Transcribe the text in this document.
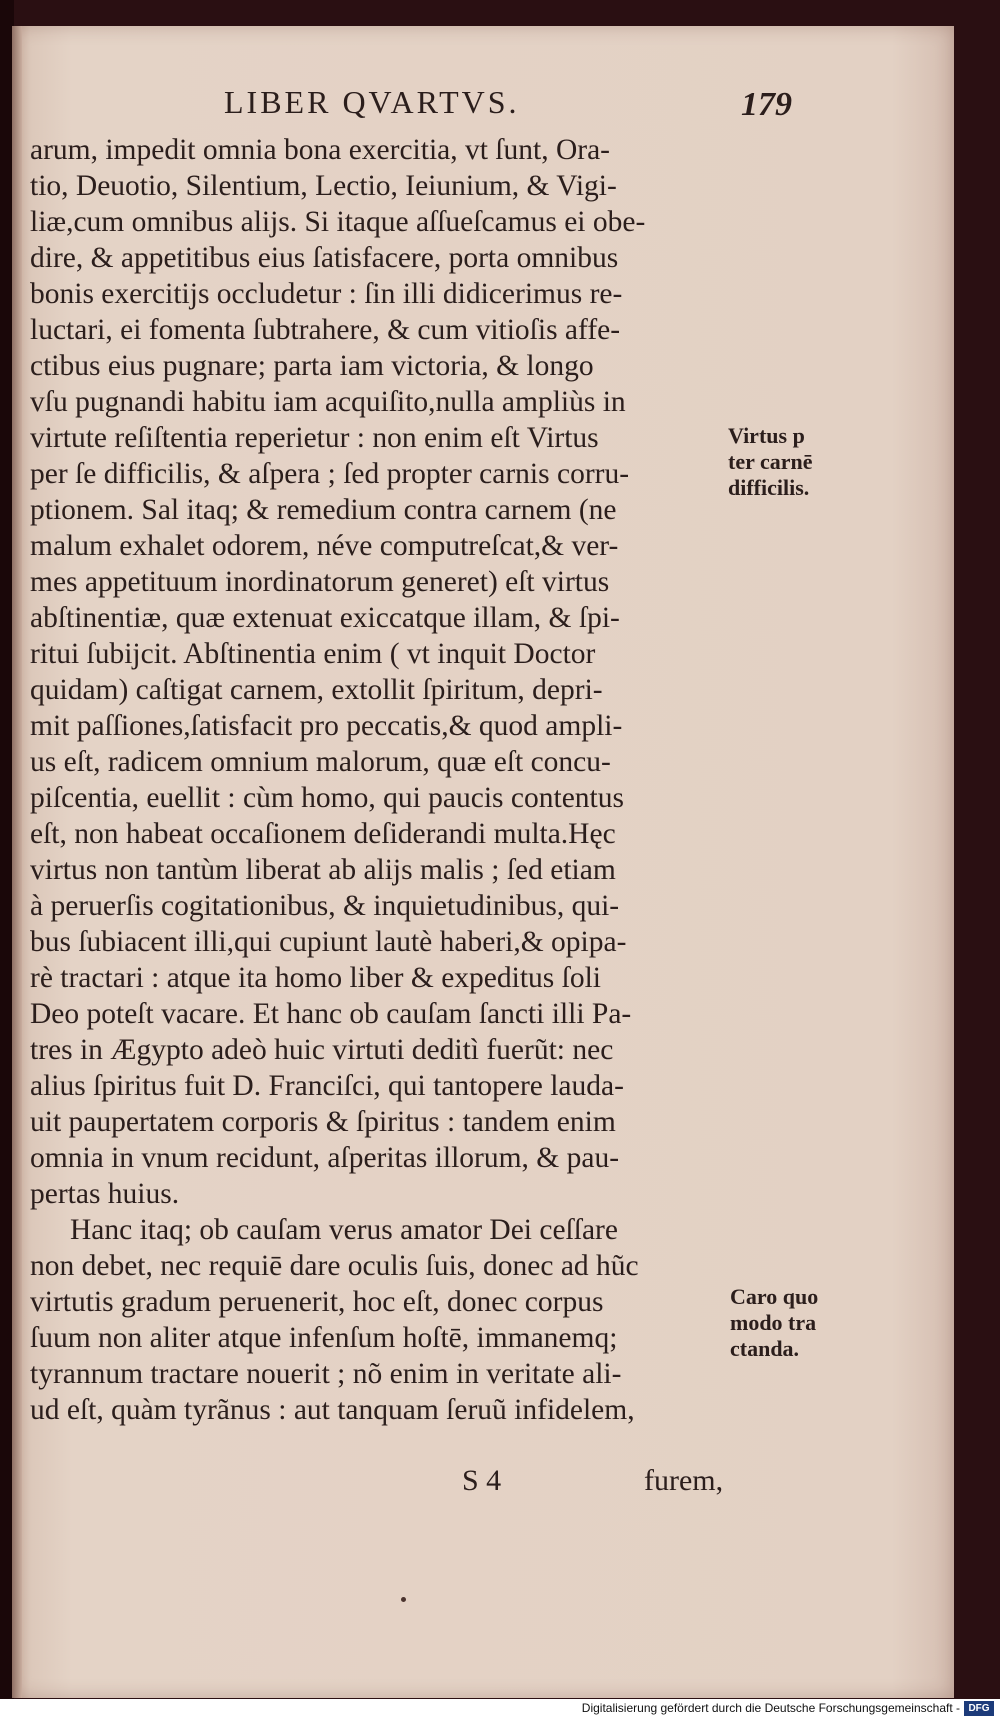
LIBER QVARTVS.	179
arum, impedit omnia bona exercitia, vt ſunt, Ora-
tio, Deuotio, Silentium, Lectio, Ieiunium, & Vigi-
liæ,cum omnibus alijs. Si itaque aſſueſcamus ei obe-
dire, & appetitibus eius ſatisfacere, porta omnibus
bonis exercitijs occludetur : ſin illi didicerimus re-
luctari, ei fomenta ſubtrahere, & cum vitioſis affe-
ctibus eius pugnare; parta iam victoria, & longo
vſu pugnandi habitu iam acquiſito,nulla ampliùs in
virtute reſiſtentia reperietur : non enim eſt Virtus
per ſe difficilis, & aſpera ; ſed propter carnis corru-
ptionem. Sal itaq; & remedium contra carnem (ne
malum exhalet odorem, néve computreſcat,& ver-
mes appetituum inordinatorum generet) eſt virtus
abſtinentiæ, quæ extenuat exiccatque illam, & ſpi-
ritui ſubijcit. Abſtinentia enim ( vt inquit Doctor
quidam) caſtigat carnem, extollit ſpiritum, depri-
mit paſſiones,ſatisfacit pro peccatis,& quod ampli-
us eſt, radicem omnium malorum, quæ eſt concu-
piſcentia, euellit : cùm homo, qui paucis contentus
eſt, non habeat occaſionem deſiderandi multa.Hęc
virtus non tantùm liberat ab alijs malis ; ſed etiam
à peruerſis cogitationibus, & inquietudinibus, qui-
bus ſubiacent illi,qui cupiunt lautè haberi,& opipa-
rè tractari : atque ita homo liber & expeditus ſoli
Deo poteſt vacare. Et hanc ob cauſam ſancti illi Pa-
tres in Ægypto adeò huic virtuti deditì fuerũt: nec
alius ſpiritus fuit D. Franciſci, qui tantopere lauda-
uit paupertatem corporis & ſpiritus : tandem enim
omnia in vnum recidunt, aſperitas illorum, & pau-
pertas huius.
Hanc itaq; ob cauſam verus amator Dei ceſſare
non debet, nec requiē dare oculis ſuis, donec ad hũc
virtutis gradum peruenerit, hoc eſt, donec corpus
ſuum non aliter atque infenſum hoſtē, immanemq;
tyrannum tractare nouerit ; nõ enim in veritate ali-
ud eſt, quàm tyrãnus : aut tanquam ſeruũ infidelem,
Virtus p
ter carnē
difficilis.
Caro quo
modo tra
ctanda.
S 4	furem,
Digitalisierung gefördert durch die Deutsche Forschungsgemeinschaft - DFG
